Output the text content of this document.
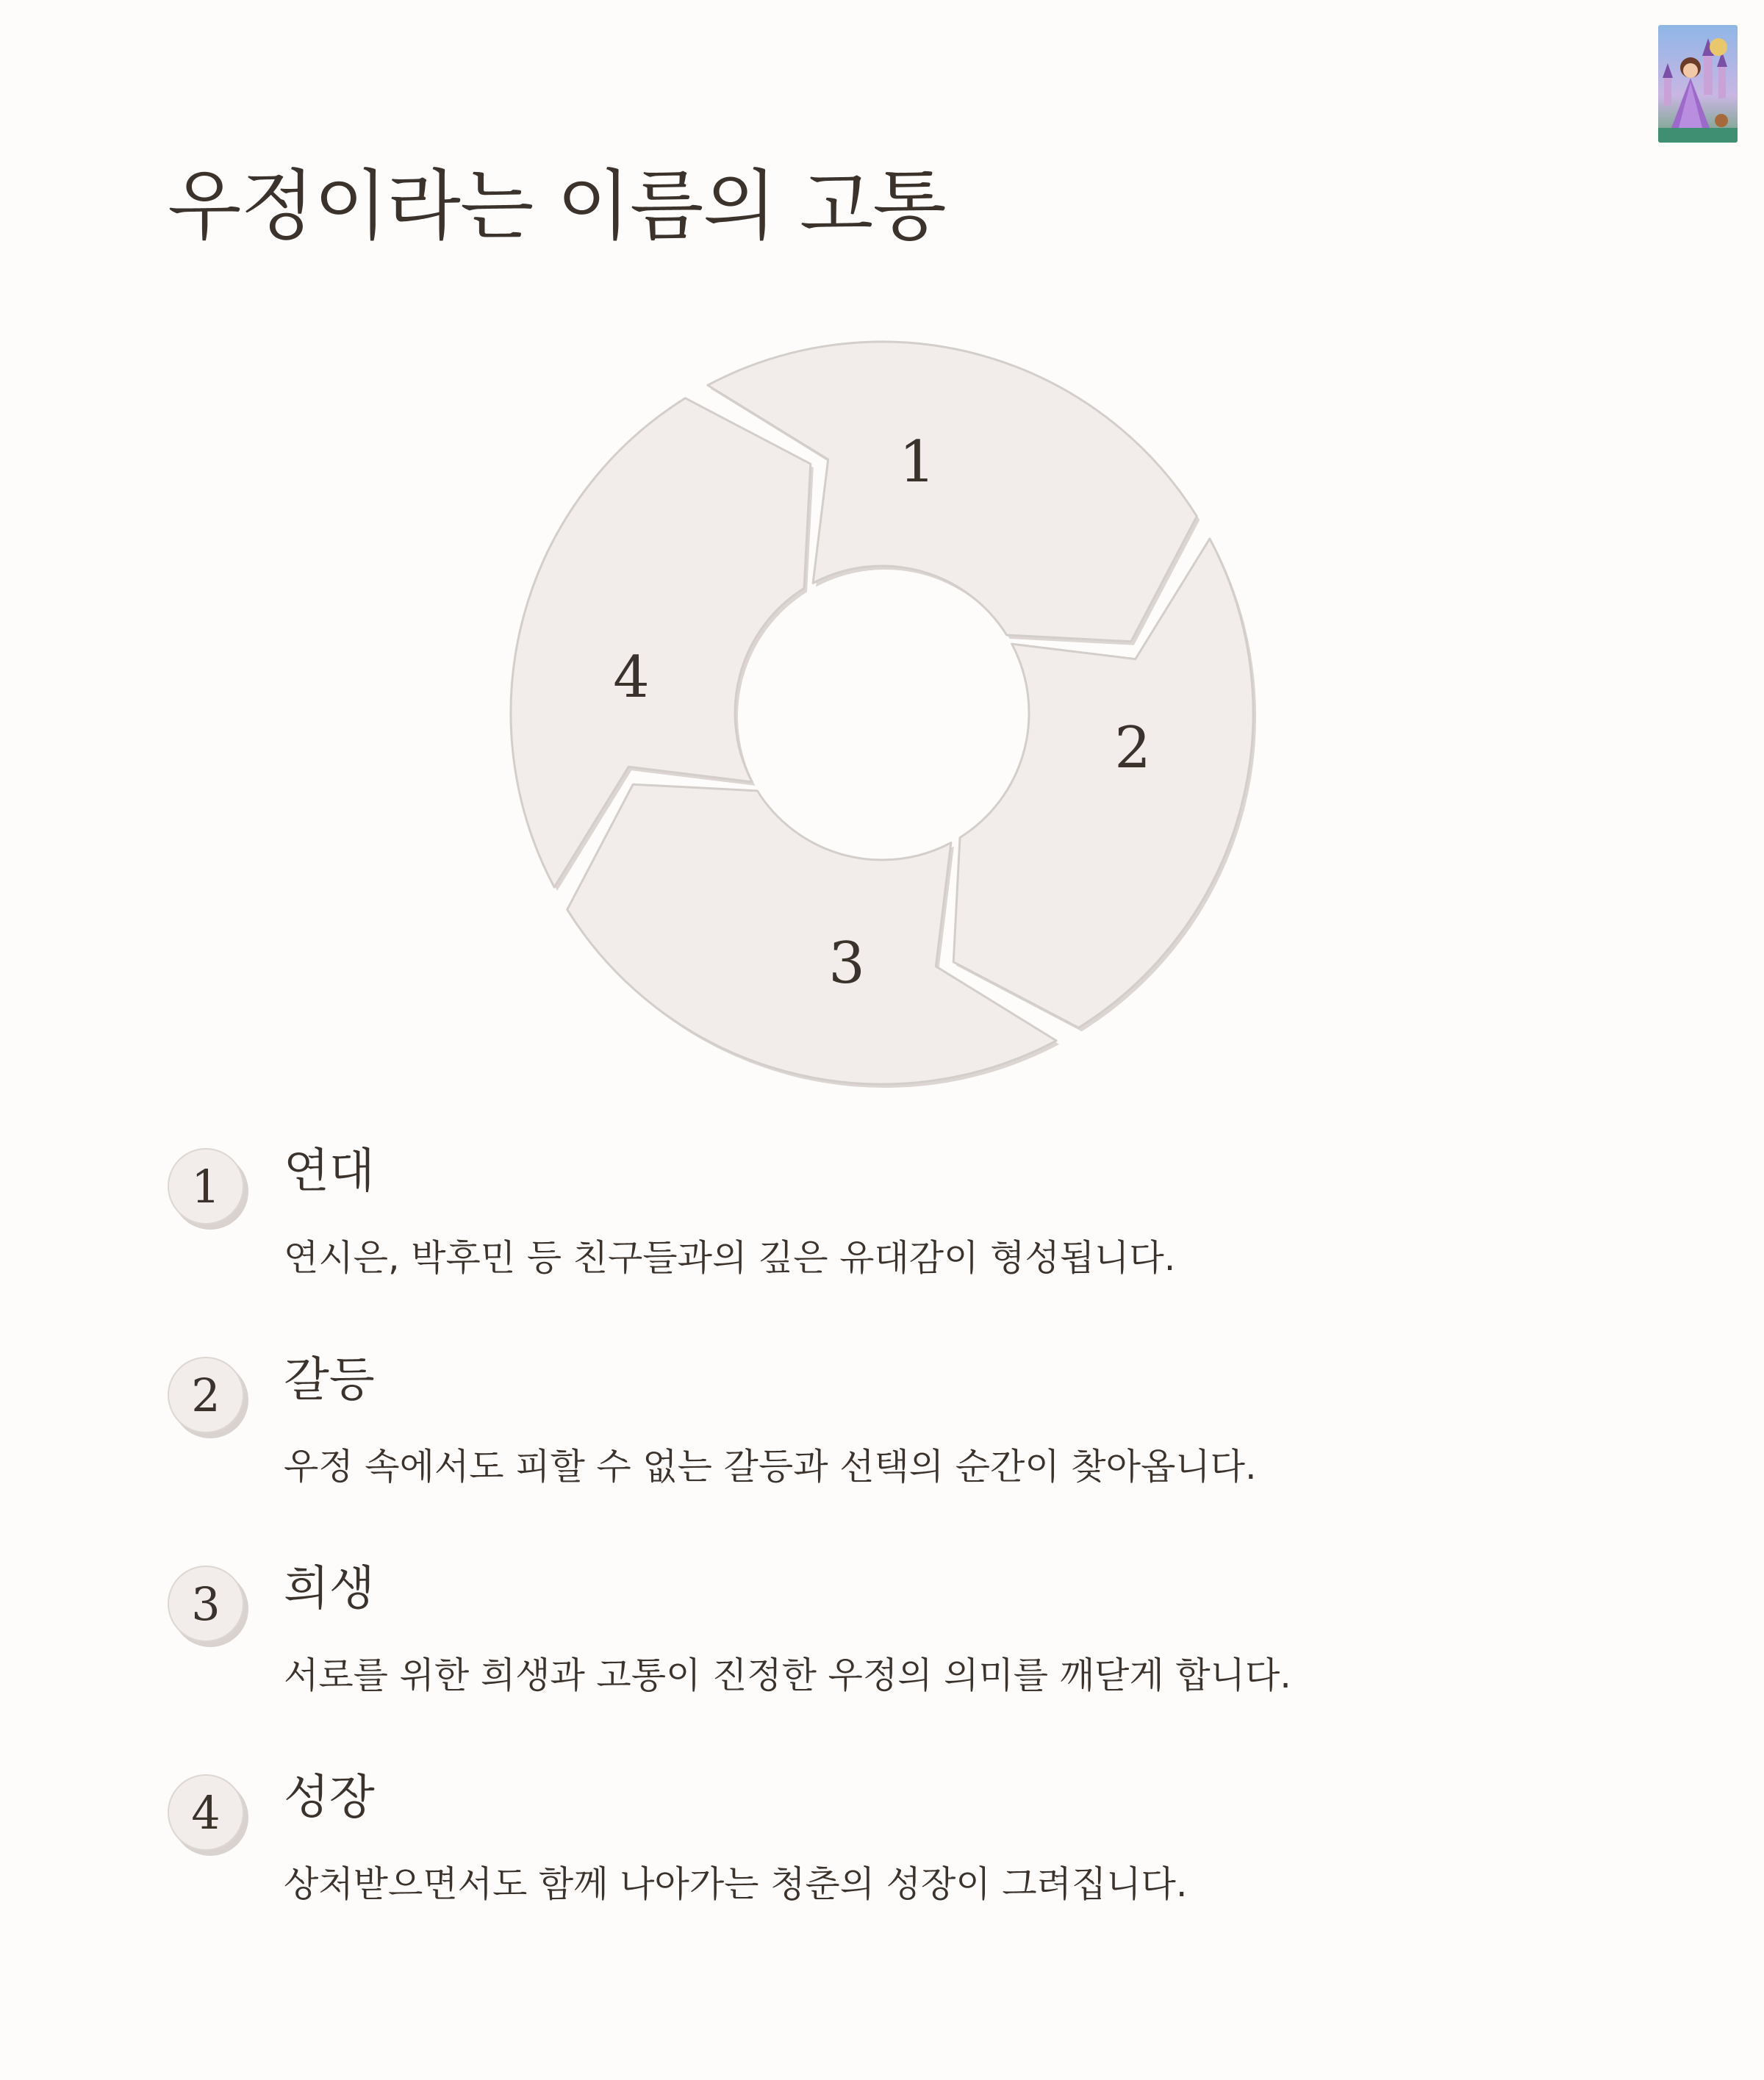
우정이라는 이름의 고통
1
2
3
4
1	연대

연시은, 박후민 등 친구들과의 깊은 유대감이 형성됩니다.

2	갈등

우정 속에서도 피할 수 없는 갈등과 선택의 순간이 찾아옵니다.

3	희생

서로를 위한 희생과 고통이 진정한 우정의 의미를 깨닫게 합니다.

4	성장

상처받으면서도 함께 나아가는 청춘의 성장이 그려집니다.
